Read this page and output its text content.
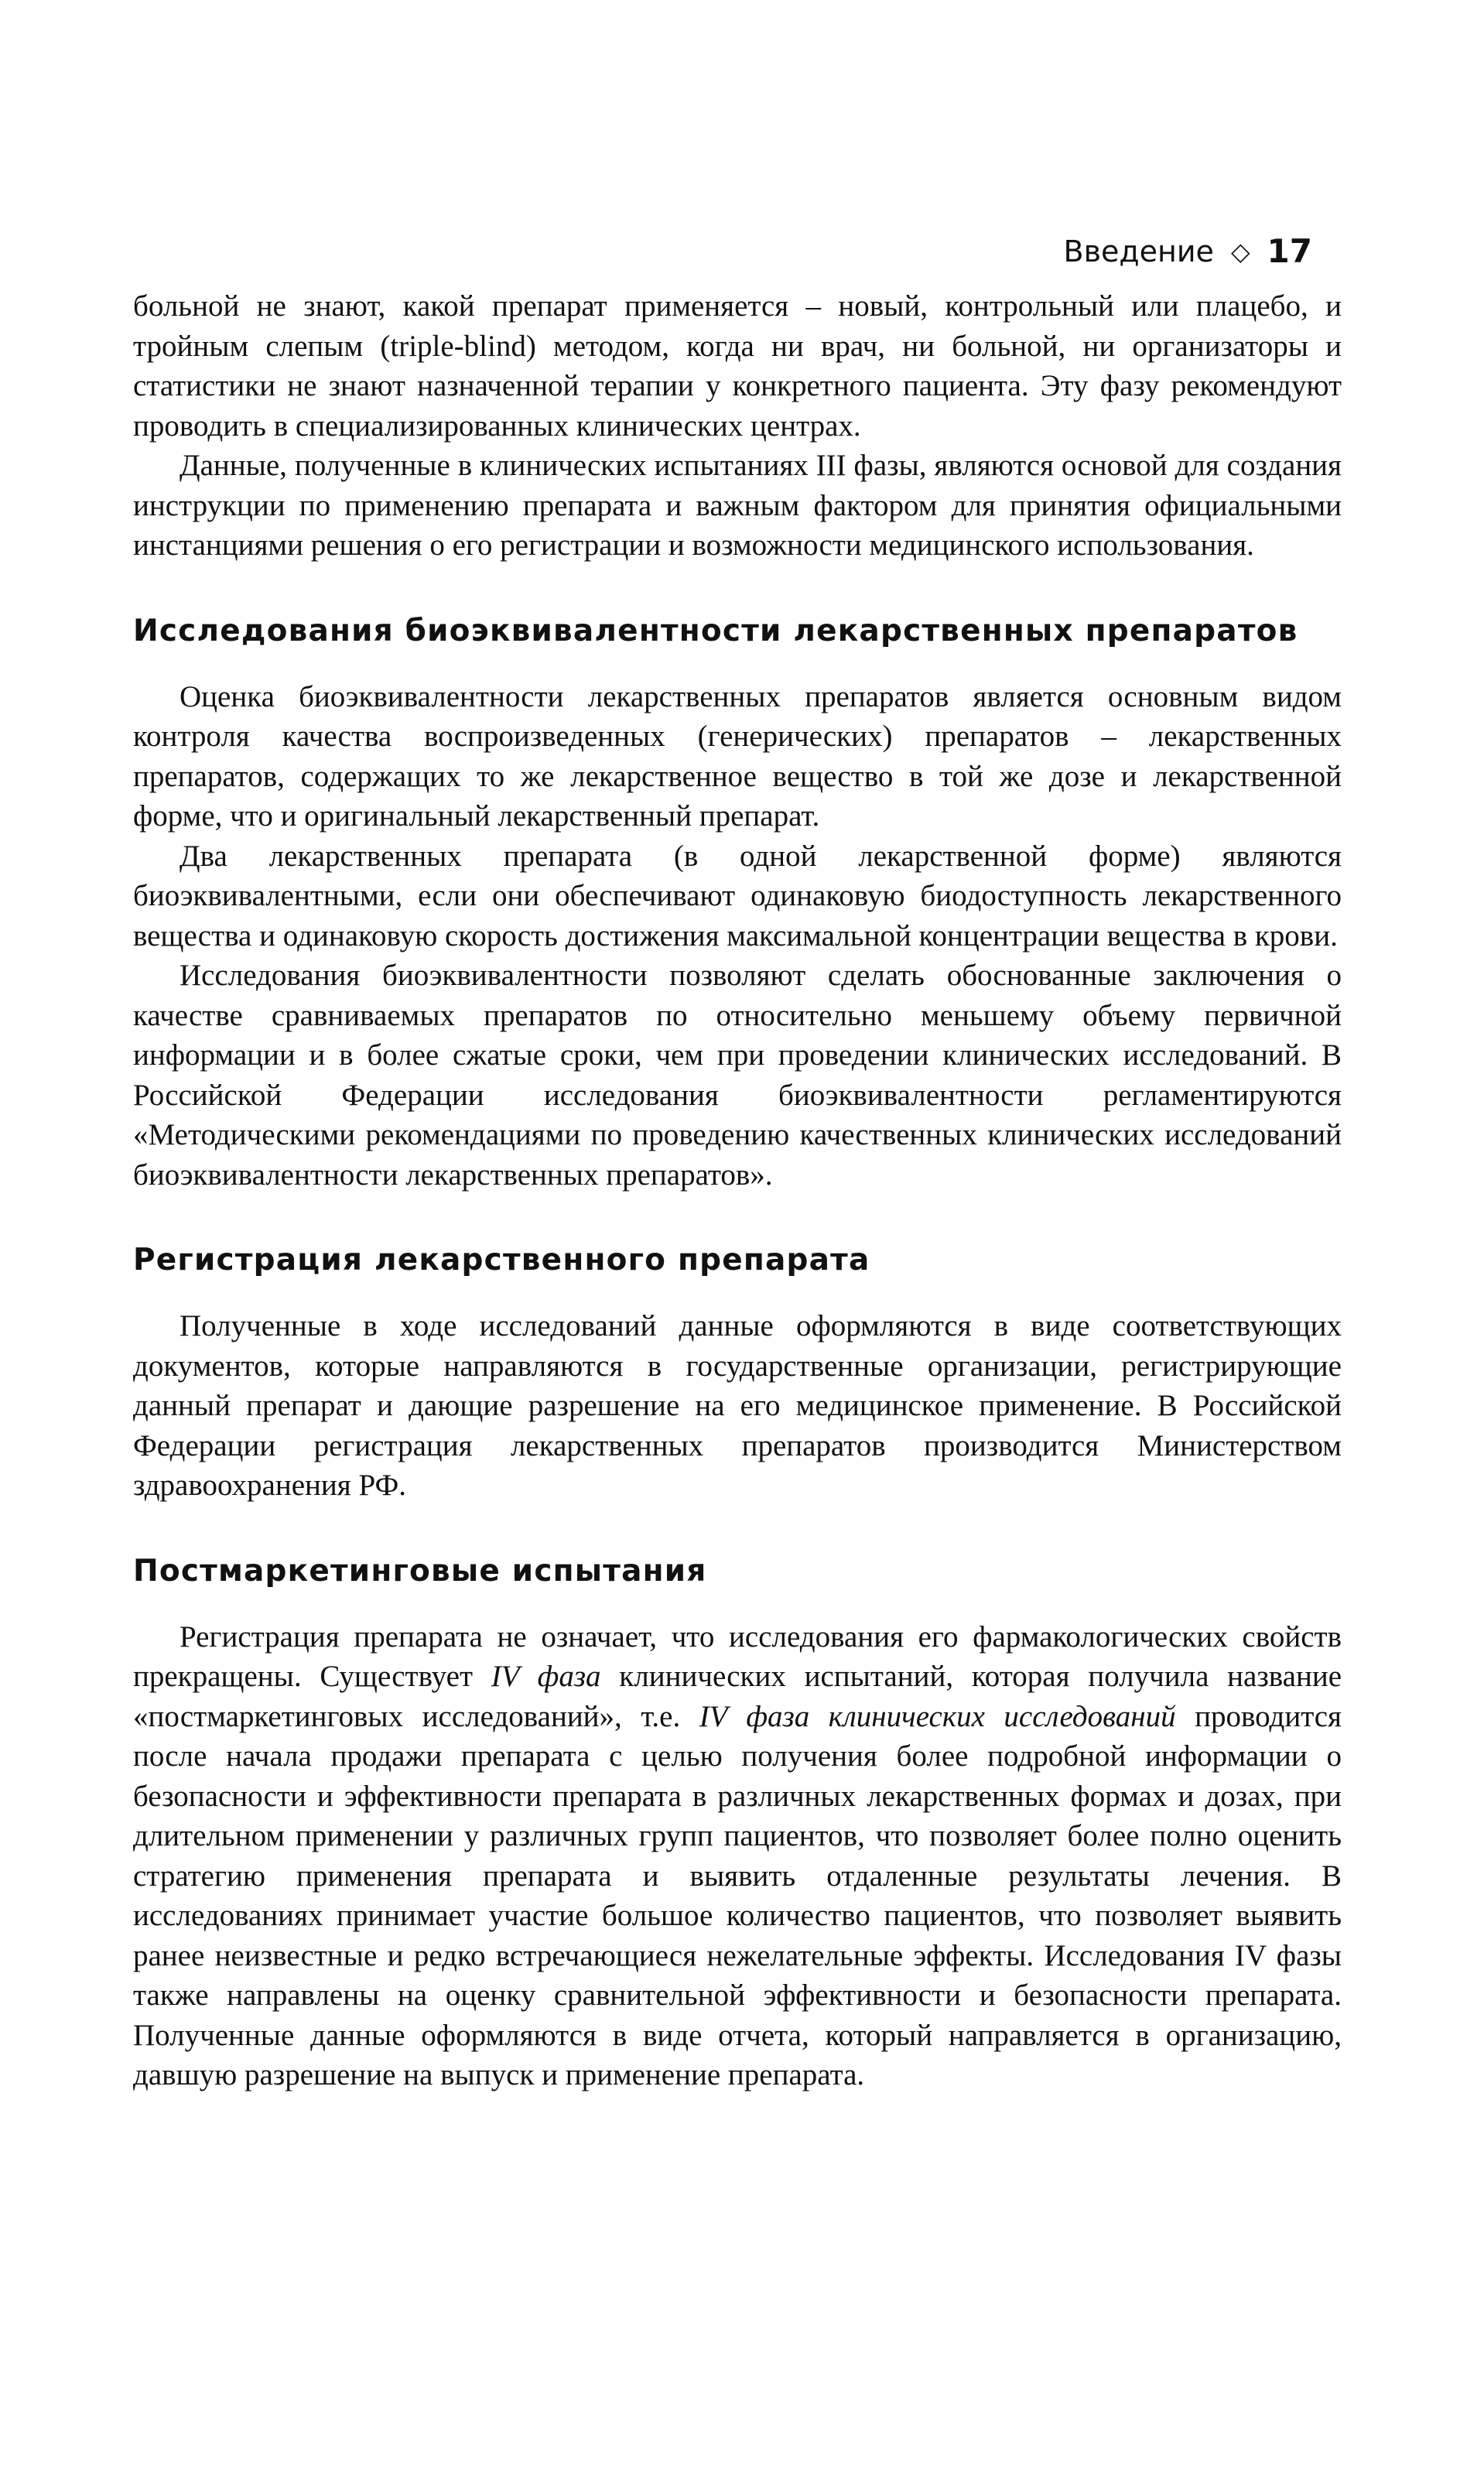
Введение ◇ 17

больной не знают, какой препарат применяется – новый, контрольный или плацебо, и тройным слепым (triple-blind) методом, когда ни врач, ни больной, ни организаторы и статистики не знают назначенной терапии у конкретного пациента. Эту фазу рекомендуют проводить в специализированных клинических центрах.

Данные, полученные в клинических испытаниях III фазы, являются основой для создания инструкции по применению препарата и важным фактором для принятия официальными инстанциями решения о его регистрации и возможности медицинского использования.

Исследования биоэквивалентности лекарственных препаратов

Оценка биоэквивалентности лекарственных препаратов является основным видом контроля качества воспроизведенных (генерических) препаратов – лекарственных препаратов, содержащих то же лекарственное вещество в той же дозе и лекарственной форме, что и оригинальный лекарственный препарат.

Два лекарственных препарата (в одной лекарственной форме) являются биоэквивалентными, если они обеспечивают одинаковую биодоступность лекарственного вещества и одинаковую скорость достижения максимальной концентрации вещества в крови.

Исследования биоэквивалентности позволяют сделать обоснованные заключения о качестве сравниваемых препаратов по относительно меньшему объему первичной информации и в более сжатые сроки, чем при проведении клинических исследований. В Российской Федерации исследования биоэквивалентности регламентируются «Методическими рекомендациями по проведению качественных клинических исследований биоэквивалентности лекарственных препаратов».

Регистрация лекарственного препарата

Полученные в ходе исследований данные оформляются в виде соответствующих документов, которые направляются в государственные организации, регистрирующие данный препарат и дающие разрешение на его медицинское применение. В Российской Федерации регистрация лекарственных препаратов производится Министерством здравоохранения РФ.

Постмаркетинговые испытания

Регистрация препарата не означает, что исследования его фармакологических свойств прекращены. Существует IV фаза клинических испытаний, которая получила название «постмаркетинговых исследований», т.е. IV фаза клинических исследований проводится после начала продажи препарата с целью получения более подробной информации о безопасности и эффективности препарата в различных лекарственных формах и дозах, при длительном применении у различных групп пациентов, что позволяет более полно оценить стратегию применения препарата и выявить отдаленные результаты лечения. В исследованиях принимает участие большое количество пациентов, что позволяет выявить ранее неизвестные и редко встречающиеся нежелательные эффекты. Исследования IV фазы также направлены на оценку сравнительной эффективности и безопасности препарата. Полученные данные оформляются в виде отчета, который направляется в организацию, давшую разрешение на выпуск и применение препарата.
